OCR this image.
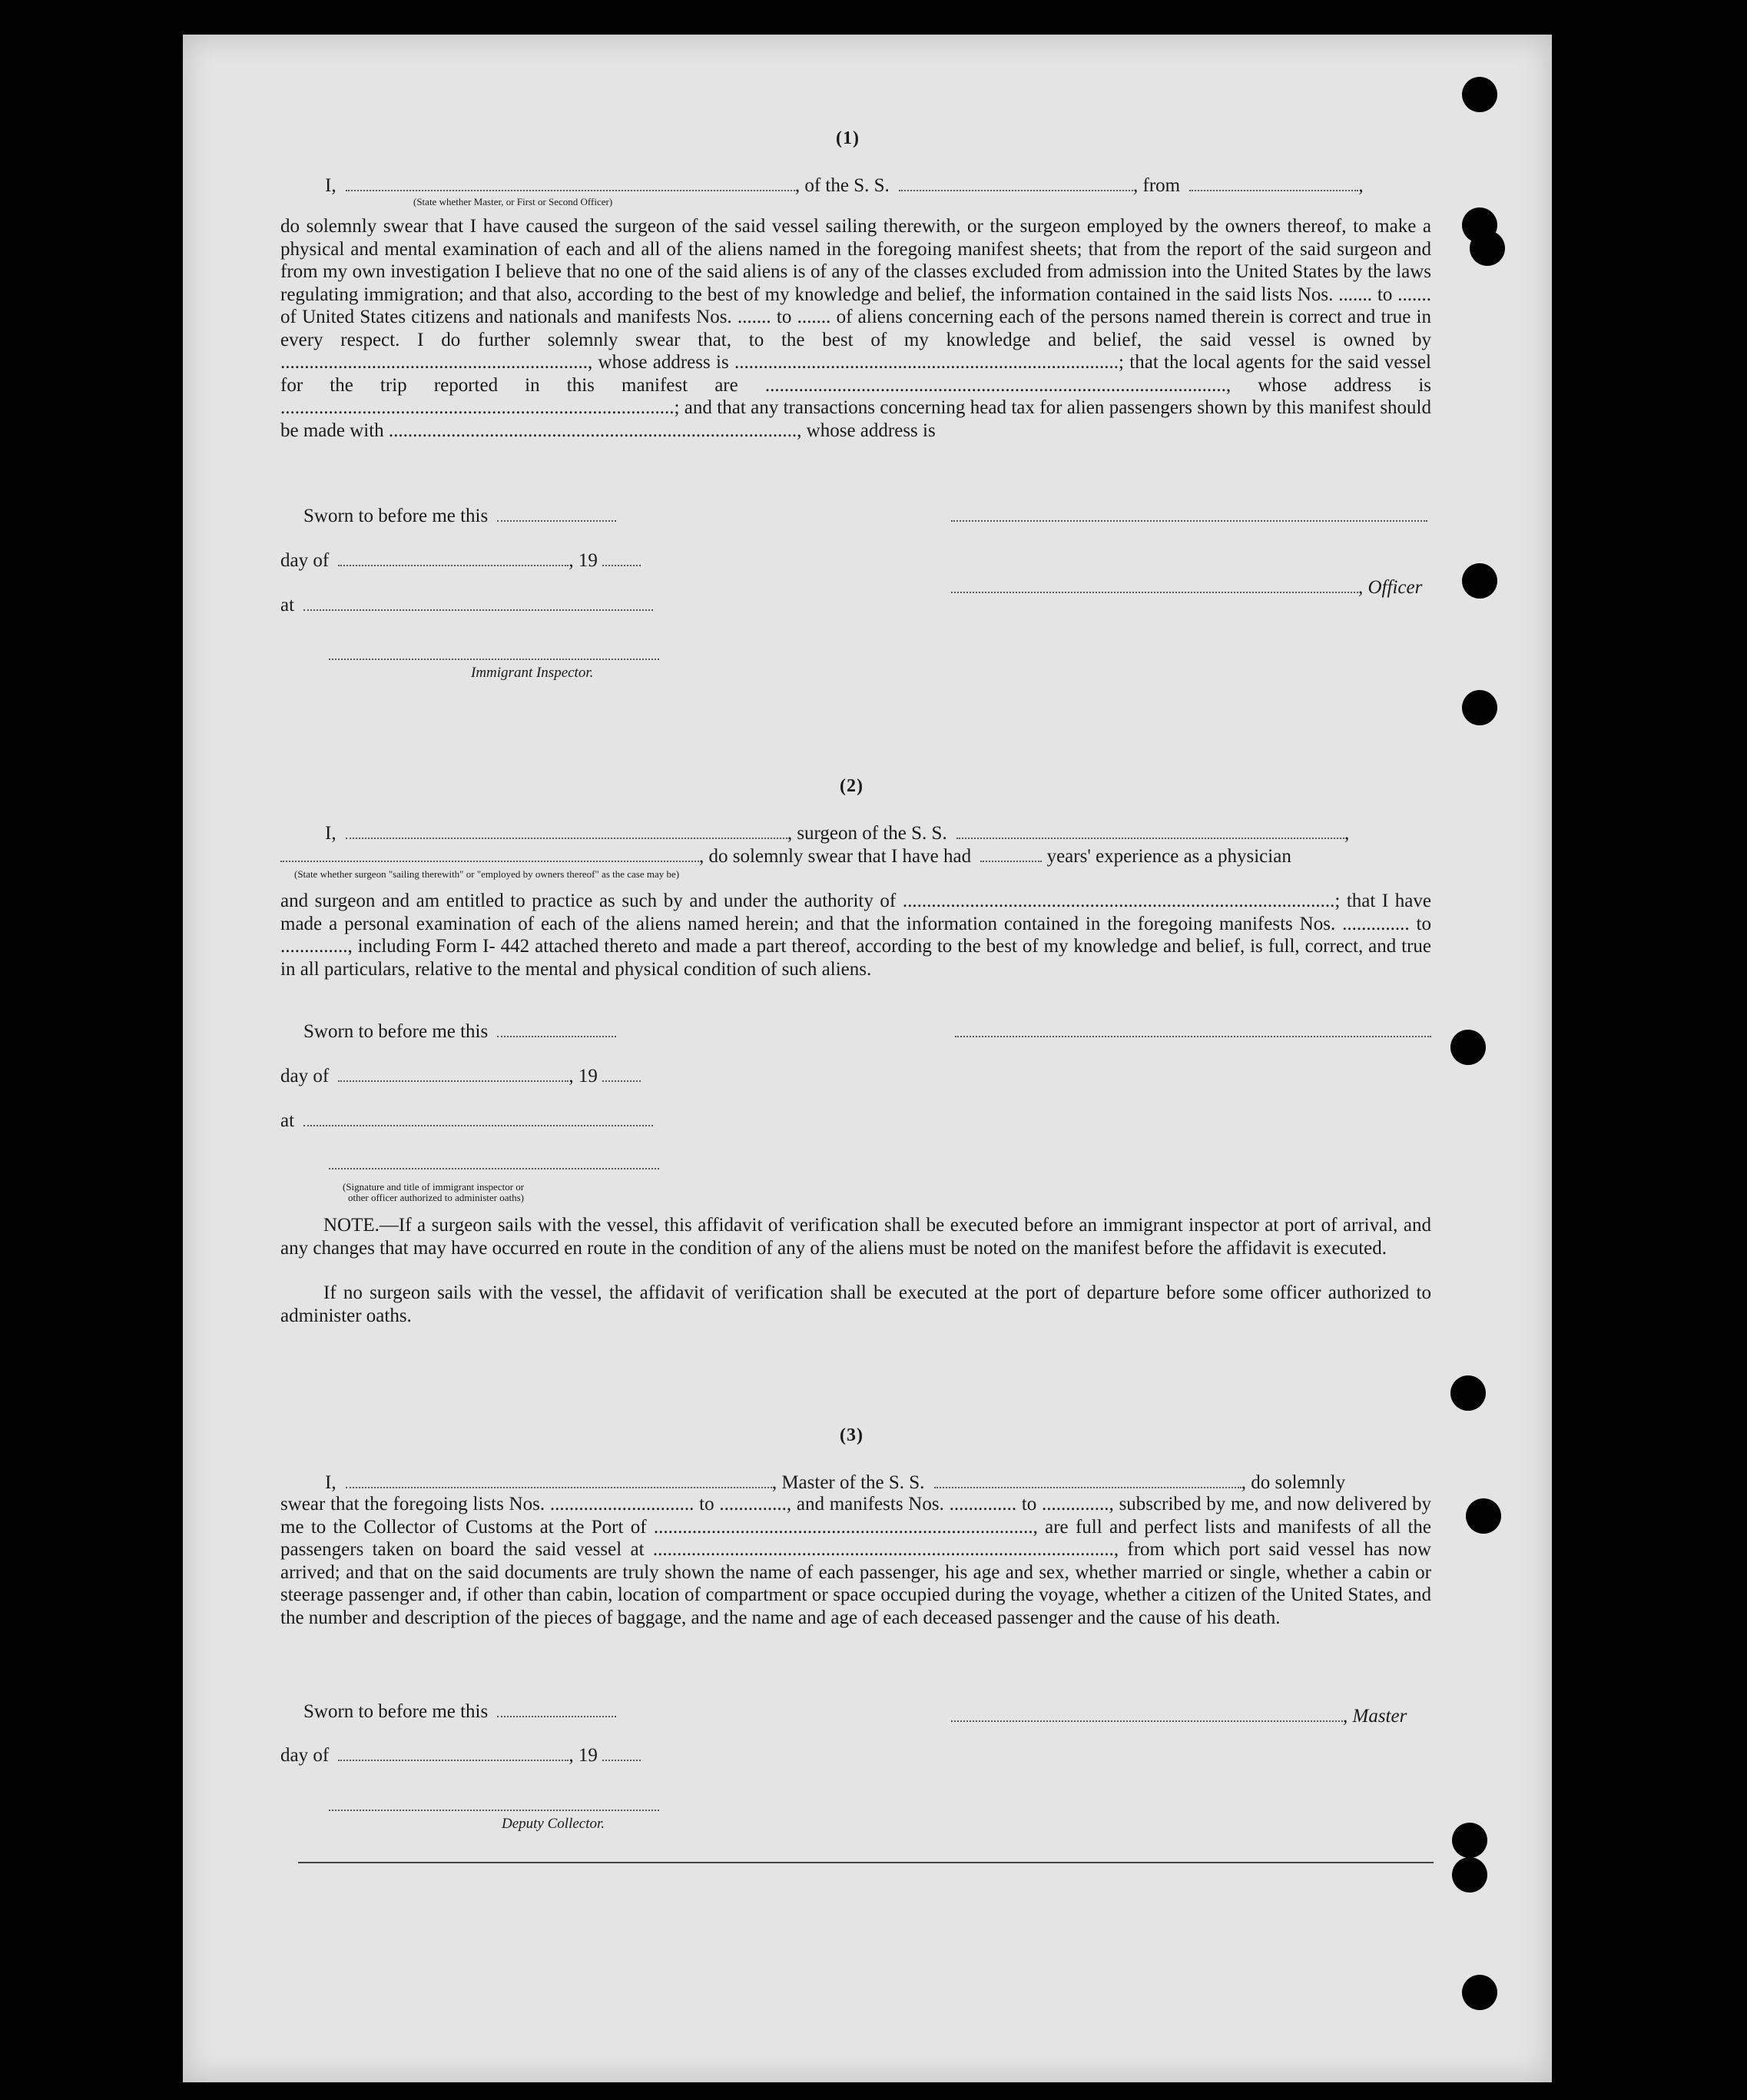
(1)
I,	, of the S. S.	, from	,
(State whether Master, or First or Second Officer)
do solemnly swear that I have caused the surgeon of the said vessel sailing therewith, or the surgeon employed by the owners thereof, to make a physical and mental examination of each and all of the aliens named in the foregoing manifest sheets; that from the report of the said surgeon and from my own investigation I believe that no one of the said aliens is of any of the classes excluded from admission into the United States by the laws regulating immigration; and that also, according to the best of my knowledge and belief, the information contained in the said lists Nos. ....... to ....... of United States citizens and nationals and manifests Nos. ....... to ....... of aliens concerning each of the persons named therein is correct and true in every respect. I do further solemnly swear that, to the best of my knowledge and belief, the said vessel is owned by ................................................................, whose address is ................................................................................; that the local agents for the said vessel for the trip reported in this manifest are ................................................................................................, whose address is ..................................................................................; and that any transactions concerning head tax for alien passengers shown by this manifest should be made with ....................................................................................., whose address is
Sworn to before me this
day of	, 19
, Officer
at
Immigrant Inspector.
(2)
I,	, surgeon of the S. S.	,
, do solemnly swear that I have had	years' experience as a physician
(State whether surgeon "sailing therewith" or "employed by owners thereof" as the case may be)
and surgeon and am entitled to practice as such by and under the authority of ..........................................................................................; that I have made a personal examination of each of the aliens named herein; and that the information contained in the foregoing manifests Nos. .............. to .............., including Form I- 442 attached thereto and made a part thereof, according to the best of my knowledge and belief, is full, correct, and true in all particulars, relative to the mental and physical condition of such aliens.
Sworn to before me this
day of	, 19
at
(Signature and title of immigrant inspector or
other officer authorized to administer oaths)
NOTE.—If a surgeon sails with the vessel, this affidavit of verification shall be executed before an immigrant inspector at port of arrival, and any changes that may have occurred en route in the condition of any of the aliens must be noted on the manifest before the affidavit is executed.
If no surgeon sails with the vessel, the affidavit of verification shall be executed at the port of departure before some officer authorized to administer oaths.
(3)
I,	, Master of the S. S.	, do solemnly
swear that the foregoing lists Nos. .............................. to .............., and manifests Nos. .............. to .............., subscribed by me, and now delivered by me to the Collector of Customs at the Port of ..............................................................................., are full and perfect lists and manifests of all the passengers taken on board the said vessel at ................................................................................................, from which port said vessel has now arrived; and that on the said documents are truly shown the name of each passenger, his age and sex, whether married or single, whether a cabin or steerage passenger and, if other than cabin, location of compartment or space occupied during the voyage, whether a citizen of the United States, and the number and description of the pieces of baggage, and the name and age of each deceased passenger and the cause of his death.
Sworn to before me this	, Master
day of	, 19
Deputy Collector.
